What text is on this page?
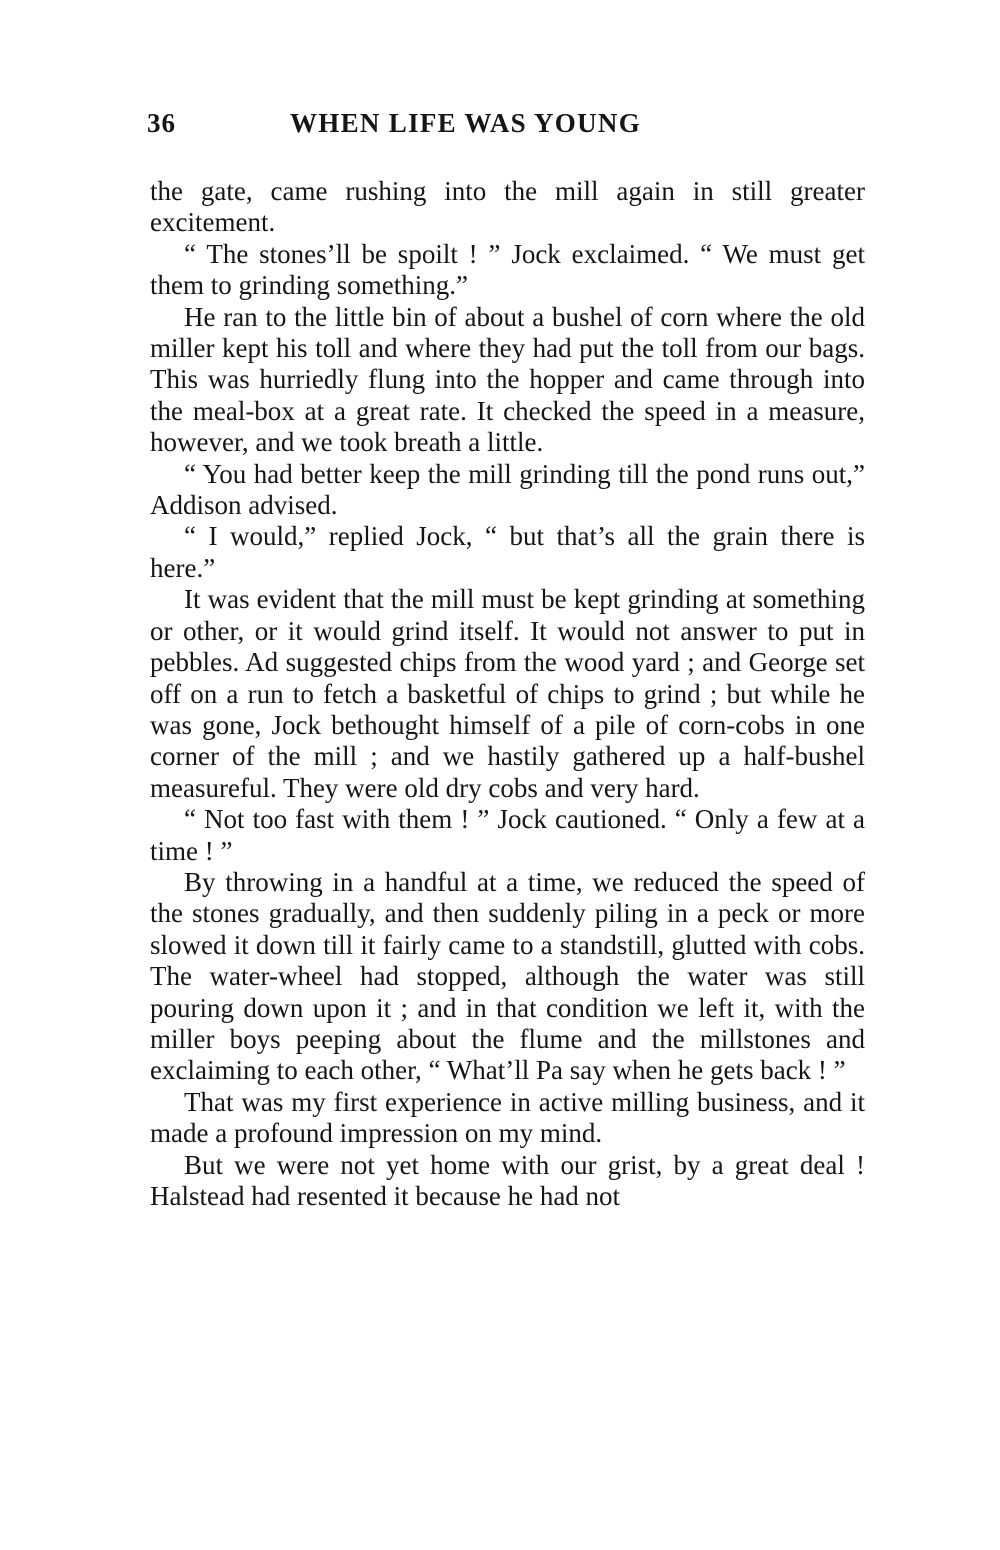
36	WHEN LIFE WAS YOUNG

the gate, came rushing into the mill again in still greater excitement.

“ The stones’ll be spoilt ! ” Jock exclaimed. “ We must get them to grinding something.”

He ran to the little bin of about a bushel of corn where the old miller kept his toll and where they had put the toll from our bags. This was hurriedly flung into the hopper and came through into the meal-box at a great rate. It checked the speed in a measure, however, and we took breath a little.

“ You had better keep the mill grinding till the pond runs out,” Addison advised.

“ I would,” replied Jock, “ but that’s all the grain there is here.”

It was evident that the mill must be kept grinding at something or other, or it would grind itself. It would not answer to put in pebbles. Ad suggested chips from the wood yard ; and George set off on a run to fetch a basketful of chips to grind ; but while he was gone, Jock bethought himself of a pile of corn-cobs in one corner of the mill ; and we hastily gathered up a half-bushel measureful. They were old dry cobs and very hard.

“ Not too fast with them ! ” Jock cautioned. “ Only a few at a time ! ”

By throwing in a handful at a time, we reduced the speed of the stones gradually, and then suddenly piling in a peck or more slowed it down till it fairly came to a standstill, glutted with cobs. The water-wheel had stopped, although the water was still pouring down upon it ; and in that condition we left it, with the miller boys peeping about the flume and the millstones and exclaiming to each other, “ What’ll Pa say when he gets back ! ”

That was my first experience in active milling business, and it made a profound impression on my mind.

But we were not yet home with our grist, by a great deal ! Halstead had resented it because he had not
